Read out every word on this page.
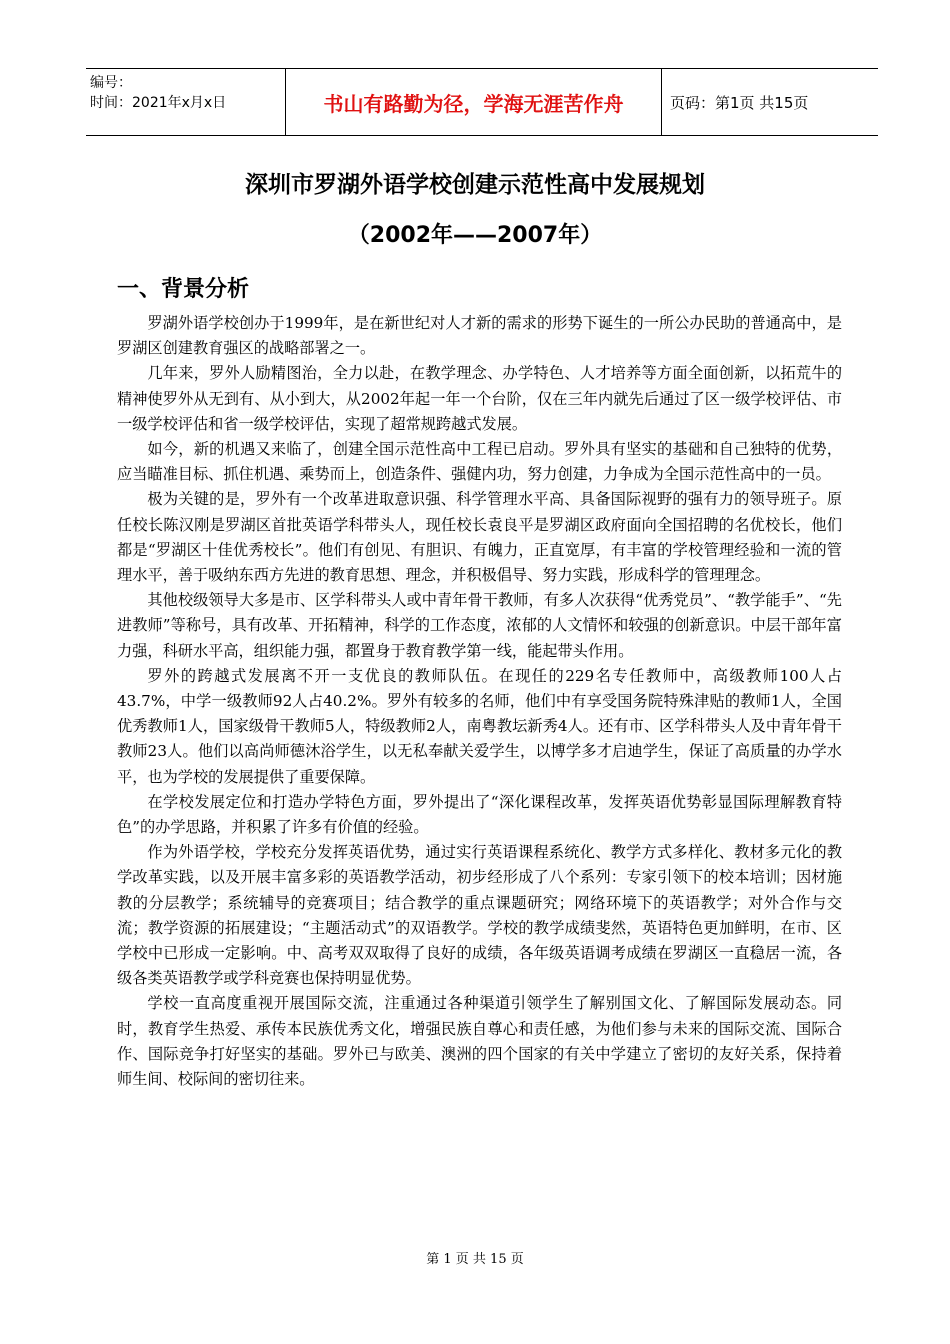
编号：
时间：2021年x月x日	书山有路勤为径，学海无涯苦作舟	页码：第1页 共15页
深圳市罗湖外语学校创建示范性高中发展规划
（2002年——2007年）
一、背景分析

罗湖外语学校创办于1999年，是在新世纪对人才新的需求的形势下诞生的一所公办民助的普通高中，是罗湖区创建教育强区的战略部署之一。

几年来，罗外人励精图治，全力以赴，在教学理念、办学特色、人才培养等方面全面创新，以拓荒牛的精神使罗外从无到有、从小到大，从2002年起一年一个台阶，仅在三年内就先后通过了区一级学校评估、市一级学校评估和省一级学校评估，实现了超常规跨越式发展。

如今，新的机遇又来临了，创建全国示范性高中工程已启动。罗外具有坚实的基础和自己独特的优势，应当瞄准目标、抓住机遇、乘势而上，创造条件、强健内功，努力创建，力争成为全国示范性高中的一员。

极为关键的是，罗外有一个改革进取意识强、科学管理水平高、具备国际视野的强有力的领导班子。原任校长陈汉刚是罗湖区首批英语学科带头人，现任校长袁良平是罗湖区政府面向全国招聘的名优校长，他们都是“罗湖区十佳优秀校长”。他们有创见、有胆识、有魄力，正直宽厚，有丰富的学校管理经验和一流的管理水平，善于吸纳东西方先进的教育思想、理念，并积极倡导、努力实践，形成科学的管理理念。

其他校级领导大多是市、区学科带头人或中青年骨干教师，有多人次获得“优秀党员”、“教学能手”、“先进教师”等称号，具有改革、开拓精神，科学的工作态度，浓郁的人文情怀和较强的创新意识。中层干部年富力强，科研水平高，组织能力强，都置身于教育教学第一线，能起带头作用。

罗外的跨越式发展离不开一支优良的教师队伍。在现任的229名专任教师中，高级教师100人占43.7%，中学一级教师92人占40.2%。罗外有较多的名师，他们中有享受国务院特殊津贴的教师1人，全国优秀教师1人，国家级骨干教师5人，特级教师2人，南粤教坛新秀4人。还有市、区学科带头人及中青年骨干教师23人。他们以高尚师德沐浴学生，以无私奉献关爱学生，以博学多才启迪学生，保证了高质量的办学水平，也为学校的发展提供了重要保障。

在学校发展定位和打造办学特色方面，罗外提出了“深化课程改革，发挥英语优势彰显国际理解教育特色”的办学思路，并积累了许多有价值的经验。

作为外语学校，学校充分发挥英语优势，通过实行英语课程系统化、教学方式多样化、教材多元化的教学改革实践，以及开展丰富多彩的英语教学活动，初步经形成了八个系列：专家引领下的校本培训；因材施教的分层教学；系统辅导的竞赛项目；结合教学的重点课题研究；网络环境下的英语教学；对外合作与交流；教学资源的拓展建设；“主题活动式”的双语教学。学校的教学成绩斐然，英语特色更加鲜明，在市、区学校中已形成一定影响。中、高考双双取得了良好的成绩，各年级英语调考成绩在罗湖区一直稳居一流，各级各类英语教学或学科竞赛也保持明显优势。

学校一直高度重视开展国际交流，注重通过各种渠道引领学生了解别国文化、了解国际发展动态。同时，教育学生热爱、承传本民族优秀文化，增强民族自尊心和责任感，为他们参与未来的国际交流、国际合作、国际竞争打好坚实的基础。罗外已与欧美、澳洲的四个国家的有关中学建立了密切的友好关系，保持着师生间、校际间的密切往来。

第 1 页 共 15 页
